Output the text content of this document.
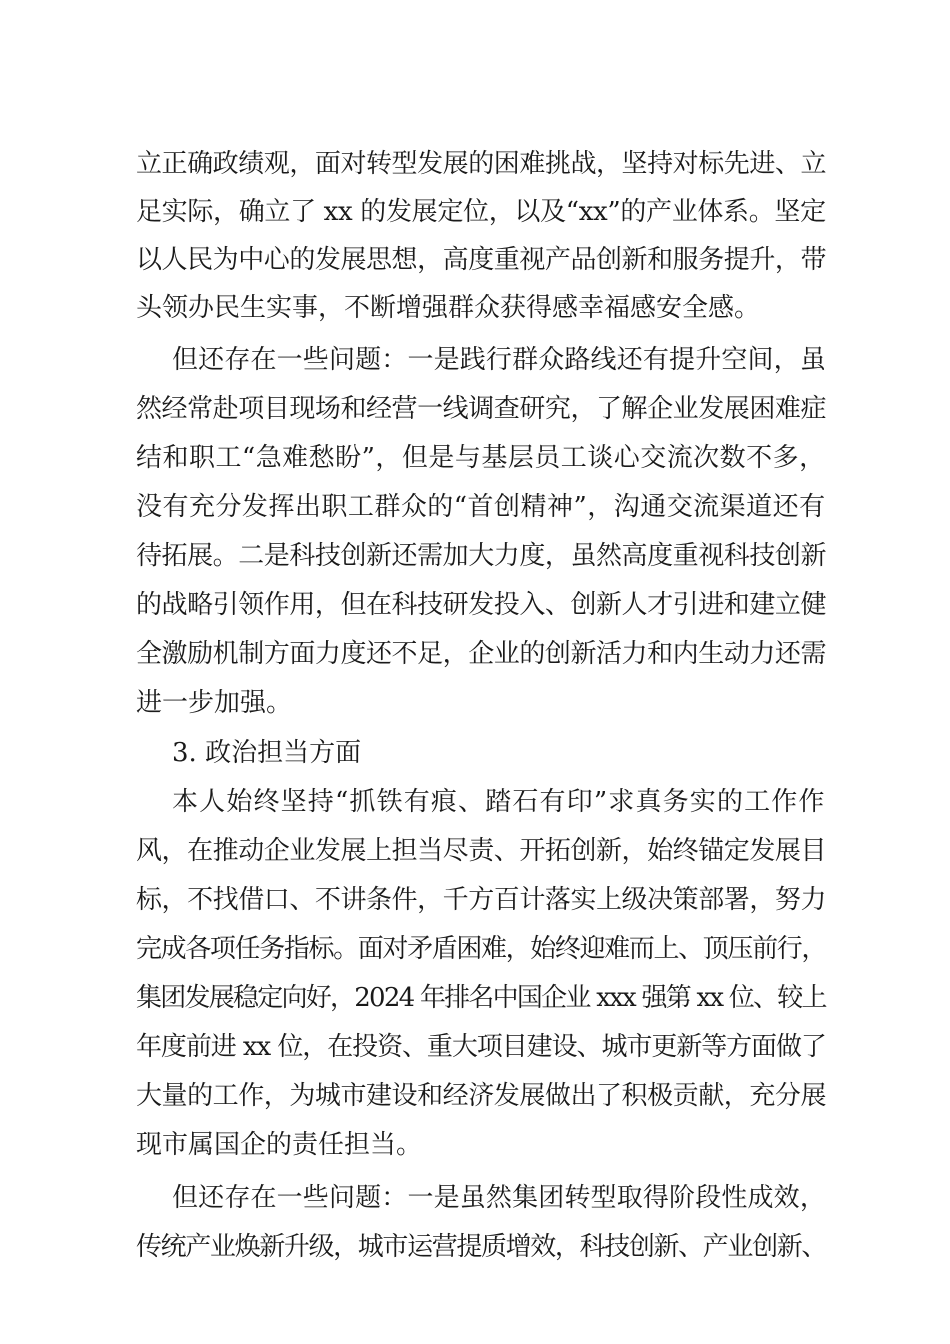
立正确政绩观，面对转型发展的困难挑战，坚持对标先进、立
足实际，确立了 xx 的发展定位，以及“xx”的产业体系。坚定
以人民为中心的发展思想，高度重视产品创新和服务提升，带
头领办民生实事，不断增强群众获得感幸福感安全感。
但还存在一些问题：一是践行群众路线还有提升空间，虽
然经常赴项目现场和经营一线调查研究，了解企业发展困难症
结和职工“急难愁盼”，但是与基层员工谈心交流次数不多，
没有充分发挥出职工群众的“首创精神”，沟通交流渠道还有
待拓展。二是科技创新还需加大力度，虽然高度重视科技创新
的战略引领作用，但在科技研发投入、创新人才引进和建立健
全激励机制方面力度还不足，企业的创新活力和内生动力还需
进一步加强。
3. 政治担当方面
本人始终坚持“抓铁有痕、踏石有印”求真务实的工作作
风，在推动企业发展上担当尽责、开拓创新，始终锚定发展目
标，不找借口、不讲条件，千方百计落实上级决策部署，努力
完成各项任务指标。面对矛盾困难，始终迎难而上、顶压前行，
集团发展稳定向好，2024 年排名中国企业 xxx 强第 xx 位、较上
年度前进 xx 位，在投资、重大项目建设、城市更新等方面做了
大量的工作，为城市建设和经济发展做出了积极贡献，充分展
现市属国企的责任担当。
但还存在一些问题：一是虽然集团转型取得阶段性成效，
传统产业焕新升级，城市运营提质增效，科技创新、产业创新、
